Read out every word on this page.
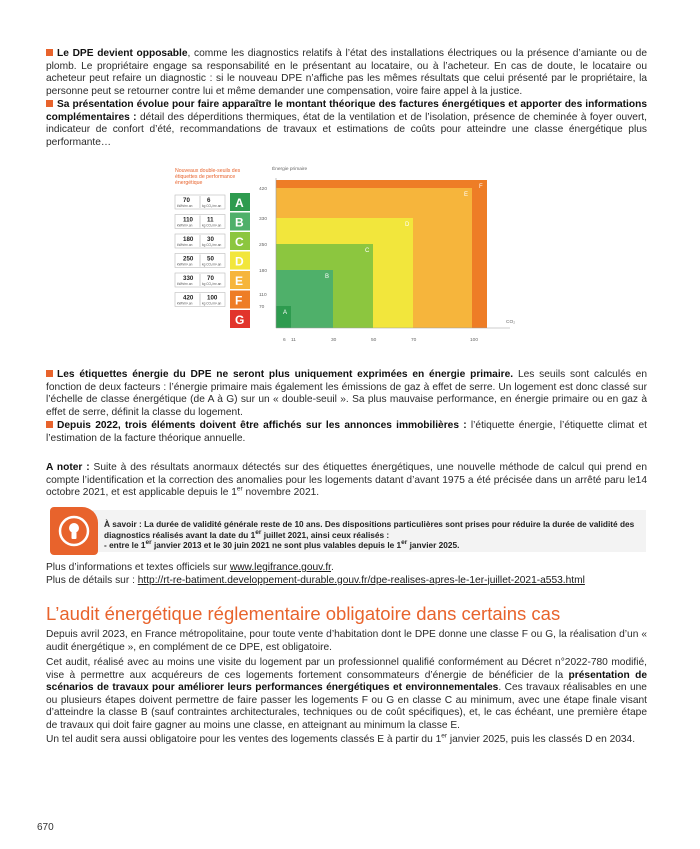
Le DPE devient opposable, comme les diagnostics relatifs à l’état des installations électriques ou la présence d’amiante ou de plomb. Le propriétaire engage sa responsabilité en le présentant au locataire, ou à l’acheteur. En cas de doute, le locataire ou acheteur peut refaire un diagnostic : si le nouveau DPE n’affiche pas les mêmes résultats que celui présenté par le propriétaire, la personne peut se retourner contre lui et même demander une compensation, voire faire appel à la justice.

Sa présentation évolue pour faire apparaître le montant théorique des factures énergétiques et apporter des informations complémentaires : détail des déperditions thermiques, état de la ventilation et de l’isolation, présence de cheminée à foyer ouvert, indicateur de confort d’été, recommandations de travaux et estimations de coûts pour atteindre une classe énergétique plus performante…

Nouveaux double-seuils des
étiquettes de performance
énergétique
Énergie primaire
CO₂
G
F
E
D
C
B
A
420
330
250
180
110
70
6 11	30	50	70	100
A
70	6
kWh/m².an	kg CO₂/m².an
B
110 11
kWh/m².an	kg CO₂/m².an
C
180 30
kWh/m².an	kg CO₂/m².an
D
250 50
kWh/m².an	kg CO₂/m².an
E
330 70
kWh/m².an	kg CO₂/m².an
F
420 100
kWh/m².an	kg CO₂/m².an
G

Les étiquettes énergie du DPE ne seront plus uniquement exprimées en énergie primaire. Les seuils sont calculés en fonction de deux facteurs : l’énergie primaire mais également les émissions de gaz à effet de serre. Un logement est donc classé sur l’échelle de classe énergétique (de A à G) sur un « double-seuil ». Sa plus mauvaise performance, en énergie primaire ou en gaz à effet de serre, définit la classe du logement.

Depuis 2022, trois éléments doivent être affichés sur les annonces immobilières : l’étiquette énergie, l’étiquette climat et l’estimation de la facture théorique annuelle.

A noter : Suite à des résultats anormaux détectés sur des étiquettes énergétiques, une nouvelle méthode de calcul qui prend en compte l’identification et la correction des anomalies pour les logements datant d’avant 1975 a été précisée dans un arrêté paru le14 octobre 2021, et est applicable depuis le 1er novembre 2021.

À savoir : La durée de validité générale reste de 10 ans. Des dispositions particulières sont prises pour réduire la durée de validité des diagnostics réalisés avant la date du 1er juillet 2021, ainsi ceux réalisés :
- entre le 1er janvier 2013 et le 30 juin 2021 ne sont plus valables depuis le 1er janvier 2025.

Plus d’informations et textes officiels sur www.legifrance.gouv.fr.
Plus de détails sur : http://rt-re-batiment.developpement-durable.gouv.fr/dpe-realises-apres-le-1er-juillet-2021-a553.html

L’audit énergétique réglementaire obligatoire dans certains cas

Depuis avril 2023, en France métropolitaine, pour toute vente d’habitation dont le DPE donne une classe F ou G, la réalisation d’un « audit énergétique », en complément de ce DPE, est obligatoire.

Cet audit, réalisé avec au moins une visite du logement par un professionnel qualifié conformément au Décret n°2022-780 modifié, vise à permettre aux acquéreurs de ces logements fortement consommateurs d’énergie de bénéficier de la présentation de scénarios de travaux pour améliorer leurs performances énergétiques et environnementales. Ces travaux réalisables en une ou plusieurs étapes doivent permettre de faire passer les logements F ou G en classe C au minimum, avec une étape finale visant d’atteindre la classe B (sauf contraintes architecturales, techniques ou de coût spécifiques), et, le cas échéant, une première étape de travaux qui doit faire gagner au moins une classe, en atteignant au minimum la classe E.

Un tel audit sera aussi obligatoire pour les ventes des logements classés E à partir du 1er janvier 2025, puis les classés D en 2034.

670
